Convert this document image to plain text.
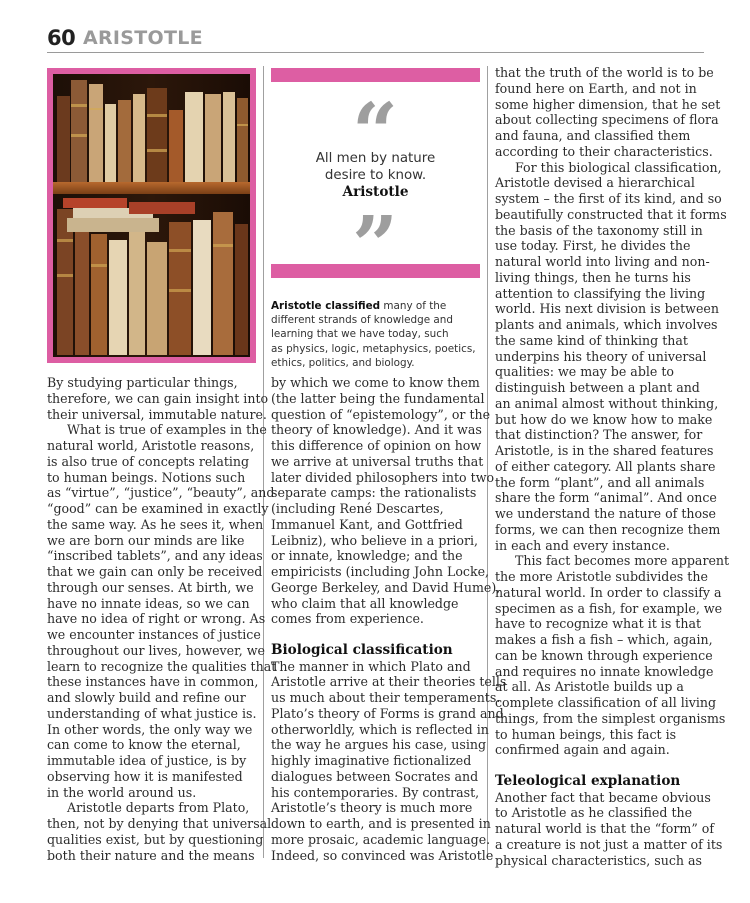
60 ARISTOTLE
All men by nature
desire to know.
Aristotle
Aristotle classified many of the
different strands of knowledge and
learning that we have today, such
as physics, logic, metaphysics, poetics,
ethics, politics, and biology.
By studying particular things,
therefore, we can gain insight into
their universal, immutable nature.
What is true of examples in the
natural world, Aristotle reasons,
is also true of concepts relating
to human beings. Notions such
as “virtue”, “justice”, “beauty”, and
“good” can be examined in exactly
the same way. As he sees it, when
we are born our minds are like
“inscribed tablets”, and any ideas
that we gain can only be received
through our senses. At birth, we
have no innate ideas, so we can
have no idea of right or wrong. As
we encounter instances of justice
throughout our lives, however, we
learn to recognize the qualities that
these instances have in common,
and slowly build and refine our
understanding of what justice is.
In other words, the only way we
can come to know the eternal,
immutable idea of justice, is by
observing how it is manifested
in the world around us.
Aristotle departs from Plato,
then, not by denying that universal
qualities exist, but by questioning
both their nature and the means
by which we come to know them
(the latter being the fundamental
question of “epistemology”, or the
theory of knowledge). And it was
this difference of opinion on how
we arrive at universal truths that
later divided philosophers into two
separate camps: the rationalists
(including René Descartes,
Immanuel Kant, and Gottfried
Leibniz), who believe in a priori,
or innate, knowledge; and the
empiricists (including John Locke,
George Berkeley, and David Hume),
who claim that all knowledge
comes from experience.
Biological classification
The manner in which Plato and
Aristotle arrive at their theories tells
us much about their temperaments.
Plato’s theory of Forms is grand and
otherworldly, which is reflected in
the way he argues his case, using
highly imaginative fictionalized
dialogues between Socrates and
his contemporaries. By contrast,
Aristotle’s theory is much more
down to earth, and is presented in
more prosaic, academic language.
Indeed, so convinced was Aristotle
that the truth of the world is to be
found here on Earth, and not in
some higher dimension, that he set
about collecting specimens of flora
and fauna, and classified them
according to their characteristics.
For this biological classification,
Aristotle devised a hierarchical
system – the first of its kind, and so
beautifully constructed that it forms
the basis of the taxonomy still in
use today. First, he divides the
natural world into living and non-
living things, then he turns his
attention to classifying the living
world. His next division is between
plants and animals, which involves
the same kind of thinking that
underpins his theory of universal
qualities: we may be able to
distinguish between a plant and
an animal almost without thinking,
but how do we know how to make
that distinction? The answer, for
Aristotle, is in the shared features
of either category. All plants share
the form “plant”, and all animals
share the form “animal”. And once
we understand the nature of those
forms, we can then recognize them
in each and every instance.
This fact becomes more apparent
the more Aristotle subdivides the
natural world. In order to classify a
specimen as a fish, for example, we
have to recognize what it is that
makes a fish a fish – which, again,
can be known through experience
and requires no innate knowledge
at all. As Aristotle builds up a
complete classification of all living
things, from the simplest organisms
to human beings, this fact is
confirmed again and again.
Teleological explanation
Another fact that became obvious
to Aristotle as he classified the
natural world is that the “form” of
a creature is not just a matter of its
physical characteristics, such as
